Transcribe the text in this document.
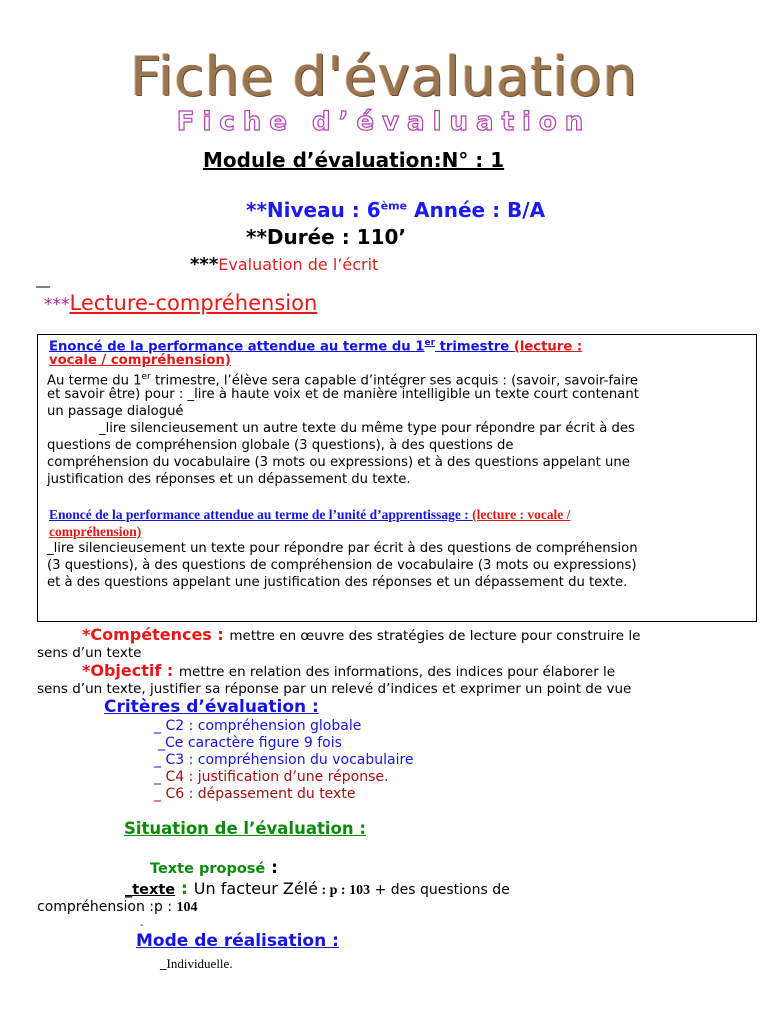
Fiche d'évaluation
Fiche d’évaluation
Module d’évaluation:N° : 1
**Niveau : 6ème Année : B/A
**Durée : 110’
***Evaluation de l’écrit
__
***Lecture-compréhension
Enoncé de la performance attendue au terme du 1er trimestre (lecture :
vocale / compréhension)
Au terme du 1er trimestre, l’élève sera capable d’intégrer ses acquis : (savoir, savoir-faire
et savoir être) pour : _lire à haute voix et de manière intelligible un texte court contenant
un passage dialogué
_lire silencieusement un autre texte du même type pour répondre par écrit à des
questions de compréhension globale (3 questions), à des questions de
compréhension du vocabulaire (3 mots ou expressions) et à des questions appelant une
justification des réponses et un dépassement du texte.
Enoncé de la performance attendue au terme de l’unité d’apprentissage : (lecture : vocale /
compréhension)
_lire silencieusement un texte pour répondre par écrit à des questions de compréhension
(3 questions), à des questions de compréhension de vocabulaire (3 mots ou expressions)
et à des questions appelant une justification des réponses et un dépassement du texte.
*Compétences : mettre en œuvre des stratégies de lecture pour construire le
sens d’un texte
*Objectif : mettre en relation des informations, des indices pour élaborer le
sens d’un texte, justifier sa réponse par un relevé d’indices et exprimer un point de vue
Critères d’évaluation :
_ C2 : compréhension globale
_Ce caractère figure 9 fois
_ C3 : compréhension du vocabulaire
_ C4 : justification d’une réponse.
_ C6 : dépassement du texte
Situation de l’évaluation :
Texte proposé :
_texte : Un facteur Zélé : p : 103 + des questions de
compréhension :p : 104
-
Mode de réalisation :
_Individuelle.
